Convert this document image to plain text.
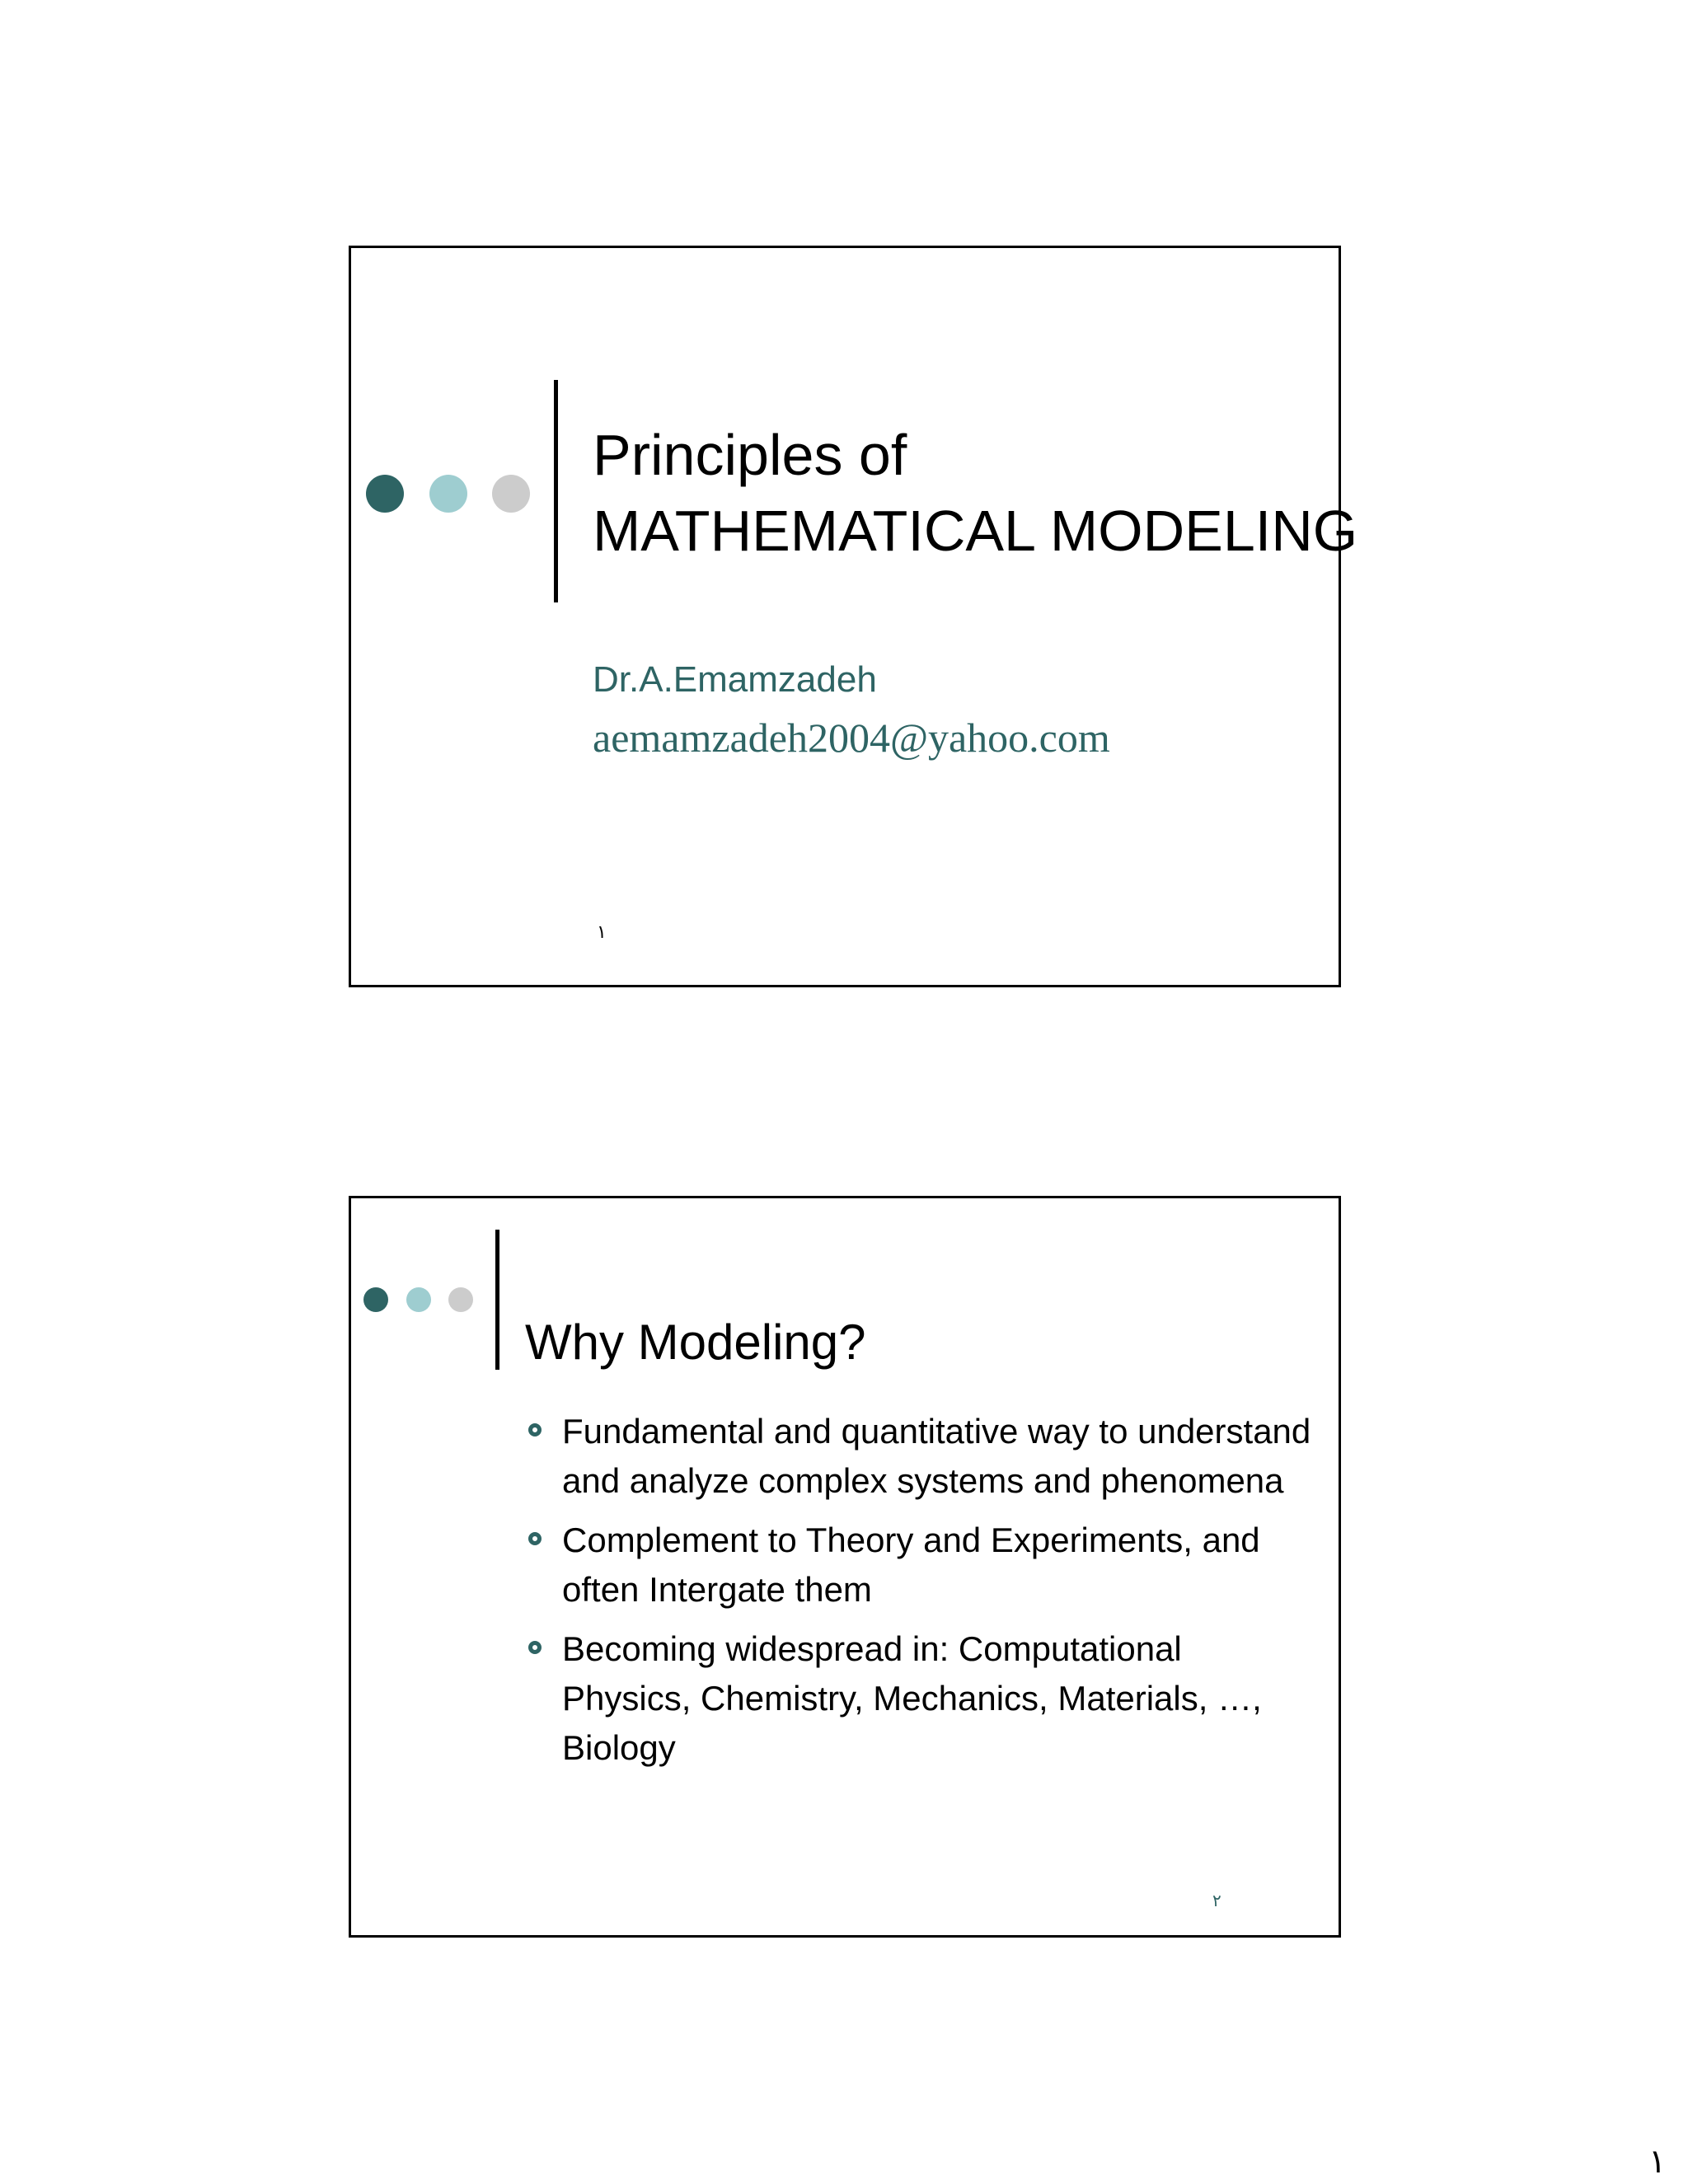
Principles of
MATHEMATICAL MODELING
Dr.A.Emamzadeh
aemamzadeh2004@yahoo.com
١
Why Modeling?
Fundamental and quantitative way to understand and analyze complex systems and phenomena
Complement to Theory and Experiments, and often Intergate them
Becoming widespread in: Computational Physics, Chemistry, Mechanics, Materials, …, Biology
٢
١
